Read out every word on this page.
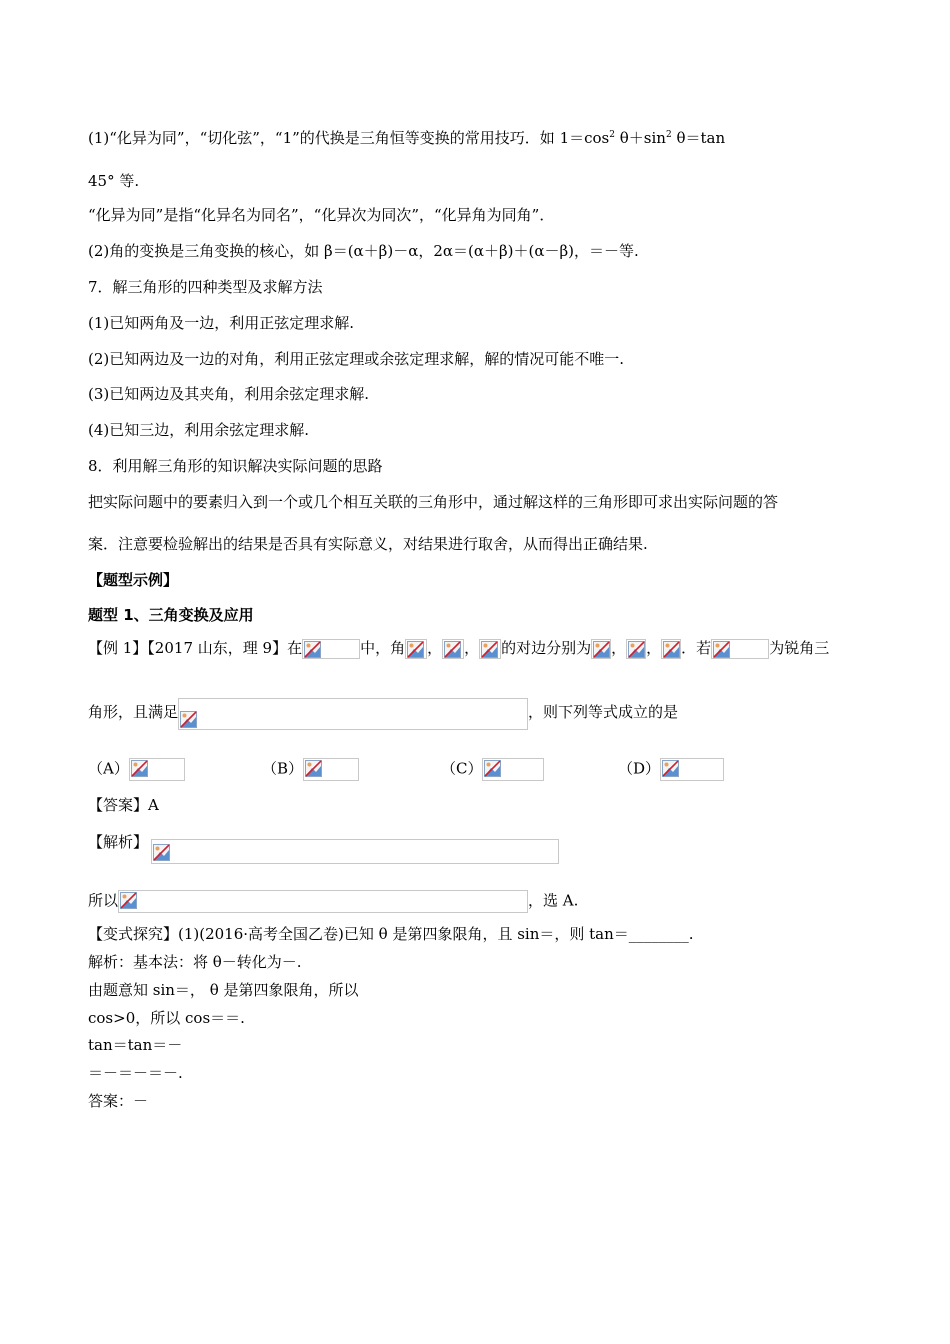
(1)“化异为同”，“切化弦”，“1”的代换是三角恒等变换的常用技巧．如 $1=\cos^2$ $\theta+\sin^2$ θ＝tan
45° 等.
“化异为同”是指“化异名为同名”，“化异次为同次”，“化异角为同角”．
(2)角的变换是三角变换的核心，如 β＝(α＋β)－α，2α＝(α＋β)＋(α－β)，＝－等.
7．解三角形的四种类型及求解方法
(1)已知两角及一边，利用正弦定理求解.
(2)已知两边及一边的对角，利用正弦定理或余弦定理求解，解的情况可能不唯一.
(3)已知两边及其夹角，利用余弦定理求解.
(4)已知三边，利用余弦定理求解.
8．利用解三角形的知识解决实际问题的思路
把实际问题中的要素归入到一个或几个相互关联的三角形中，通过解这样的三角形即可求出实际问题的答
案．注意要检验解出的结果是否具有实际意义，对结果进行取舍，从而得出正确结果.
【题型示例】
题型 1、三角变换及应用
【例 1】【2017 山东，理 9】在	中，角 ， ， 的对边分别为 ， ， ．若	为锐角三
角形，且满足	，则下列等式成立的是
（A）	（B）	（C）	（D）
【答案】A
【解析】
所以	，选 A.
【变式探究】(1)(2016·高考全国乙卷)已知 θ 是第四象限角，且 sin＝，则 tan＝________.
解析：基本法：将 θ－转化为－.
由题意知 sin＝， θ 是第四象限角，所以
cos>0，所以 cos＝＝.
tan＝tan＝－
＝－＝－＝－.
答案：－
